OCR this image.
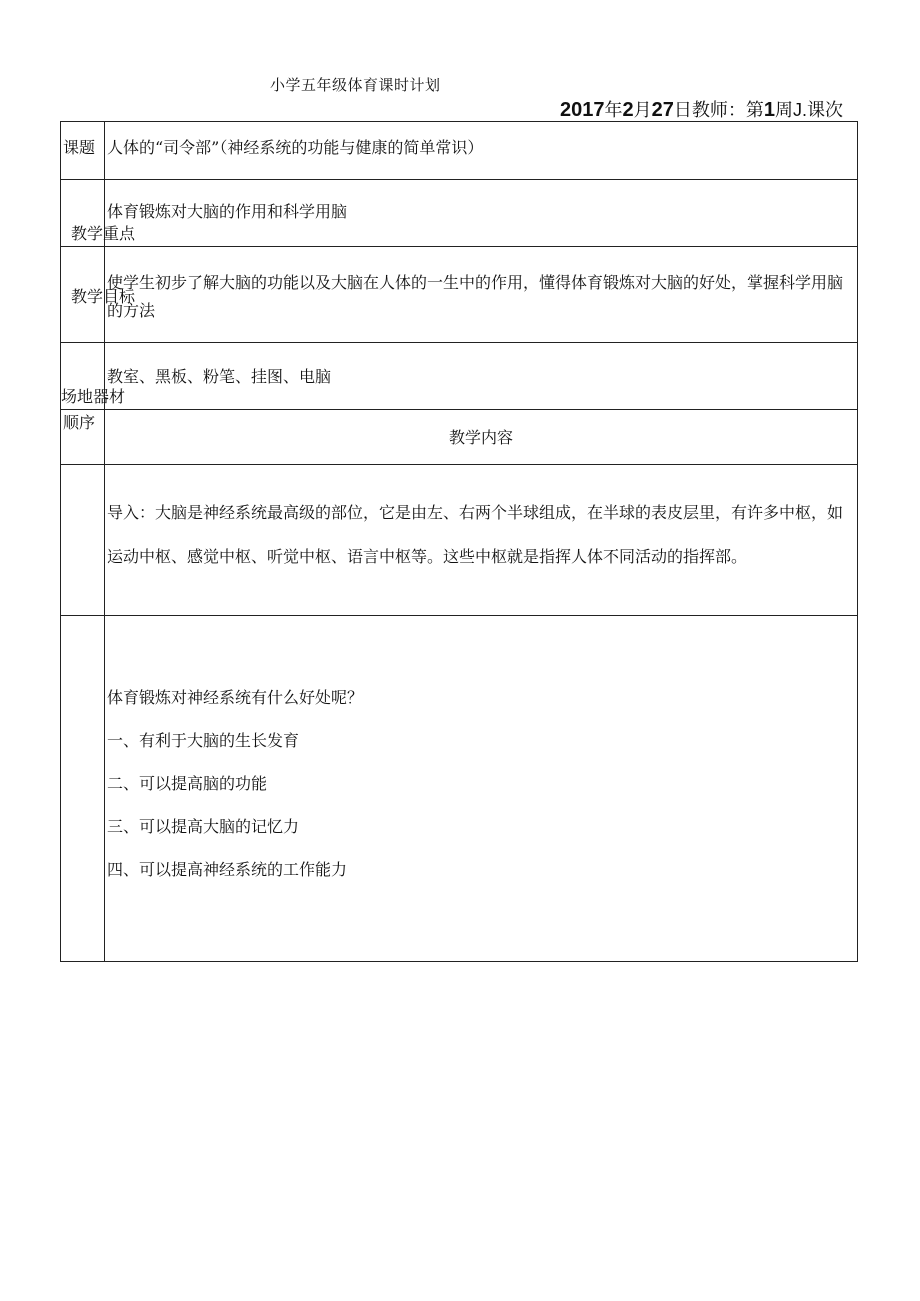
小学五年级体育课时计划
2017年2月27日教师：第1周J.课次
课题	人体的“司令部”（神经系统的功能与健康的简单常识）

教学重点	体育锻炼对大脑的作用和科学用脑

教学目标	使学生初步了解大脑的功能以及大脑在人体的一生中的作用，懂得体育锻炼对大脑的好处，掌握科学用脑的方法

场地器材	教室、黑板、粉笔、挂图、电脑

顺序	教学内容

	导入：大脑是神经系统最高级的部位，它是由左、右两个半球组成，在半球的表皮层里，有许多中枢，如运动中枢、感觉中枢、听觉中枢、语言中枢等。这些中枢就是指挥人体不同活动的指挥部。

	体育锻炼对神经系统有什么好处呢？
一、有利于大脑的生长发育
二、可以提高脑的功能
三、可以提高大脑的记忆力
四、可以提高神经系统的工作能力
